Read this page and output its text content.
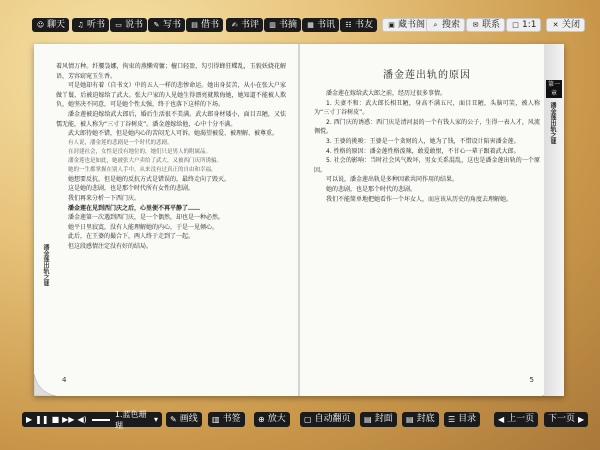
☺ 聊天 ♫ 听书 ▭ 说书 ✎ 写书 ▤ 借书 ✍ 书评 ▥ 书摘 ▦ 书讯 ☷ 书友 ▣ 藏书阁	⌕ 搜索 ✉ 联系 □ 1:1 ✕ 关闭

着风情万种。纤腰袅娜，拘束的燕懒莺慵；檀口轻盈，勾引得蜂狂蝶乱，玉貌妖娆花解语，芳容窈窕玉生香。

可是她却有着（自书文）中的五人一样的悲惨命运。她出身贫苦，从小在张大户家做丫鬟，后被迫嫁给了武大。张大户家的人见她生得漂亮就欺侮她，她知道不能被人欺负，她坚决不同意，可是她个性太强，终于也落下这样的下场。

潘金莲被迫嫁给武大郎后，婚后生活很不美满。武大郎身材矮小，面目丑陋，又怯懦无能，被人称为“三寸丁谷树皮”。潘金莲嫁给他，心中十分不满。

武大郎待她不错，但是她内心的苦闷无人可诉。她渴望被爱、被理解、被尊重。

有人说，潘金莲的悲剧是一个时代的悲剧。

在封建社会，女性是没有地位的，她们只是男人的附属品。

潘金莲也是如此，她被张大户卖给了武大，又被西门庆所诱骗。

她的一生都掌握在别人手中，从来没有过真正的自由和幸福。

她想要反抗，但是她的反抗方式是错误的，最终走向了毁灭。

这是她的悲剧，也是那个时代所有女性的悲剧。

我们再来分析一下西门庆。

潘金莲在见到西门庆之后，心里便不再平静了……

潘金莲第一次遇到西门庆，是一个偶然，却也是一种必然。

她平日里寂寞，没有人能理解她的内心，于是一见倾心。

此后，在王婆的撮合下，两人终于走到了一起。

但这段感情注定没有好的结局。

潘金莲出轨之谜
4
潘金莲出轨的原因

潘金莲在嫁给武大郎之前，经历过很多事情。

1. 夫妻不和：武大郎长相丑陋，身高不满五尺，面目丑陋，头脑可笑，被人称为“三寸丁谷树皮”。

2. 西门庆的诱惑：西门庆是清河县的一个有钱人家的公子，生得一表人才，风流倜傥。

3. 王婆的挑唆：王婆是一个贪财的人，她为了钱，不惜设计陷害潘金莲。

4. 性格的原因：潘金莲性格泼辣，敢爱敢恨，不甘心一辈子跟着武大郎。

5. 社会的影响：当时社会风气败坏，男女关系混乱，这也是潘金莲出轨的一个原因。

可以说，潘金莲出轨是多种因素共同作用的结果。

她的悲剧，也是那个时代的悲剧。

我们不能简单地把她看作一个坏女人，而应该从历史的角度去理解她。

5
第一章
潘金莲出轨之谜
▶ ❚❚ ■ ▶▶ ◀)
1.蓝色珊瑚
▾ ✎ 画线 ▥ 书签 ⊕ 放大 ▢ 自动翻页 ▤ 封面 ▤ 封底 ☰ 目录	◀ 上一页 下一页 ▶
